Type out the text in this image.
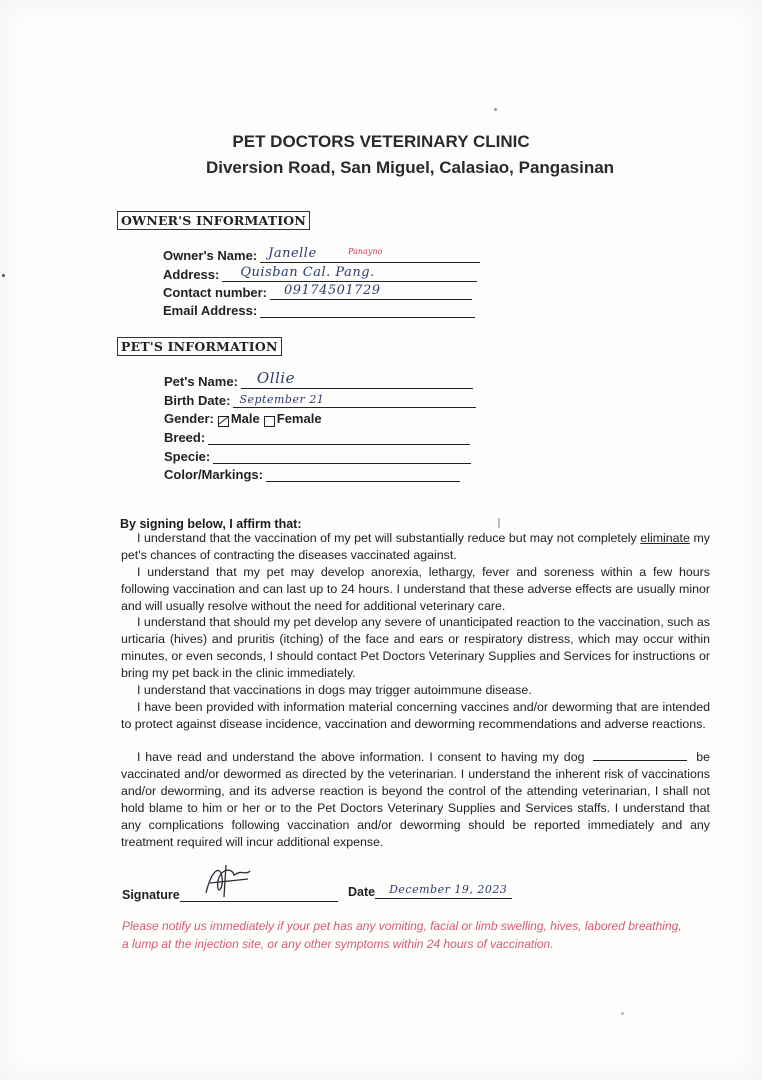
PET DOCTORS VETERINARY CLINIC
Diversion Road, San Miguel, Calasiao, Pangasinan
OWNER'S INFORMATION
Owner's Name: Janelle	Panayno
Address: Quisban Cal. Pang.
Contact number: 09174501729
Email Address:
PET'S INFORMATION
Pet's Name: Ollie
Birth Date: September 21
Gender: Male Female
Breed:
Specie:
Color/Markings:
By signing below, I affirm that:
I understand that the vaccination of my pet will substantially reduce but may not completely eliminate my pet's chances of contracting the diseases vaccinated against.
I understand that my pet may develop anorexia, lethargy, fever and soreness within a few hours following vaccination and can last up to 24 hours. I understand that these adverse effects are usually minor and will usually resolve without the need for additional veterinary care.
I understand that should my pet develop any severe of unanticipated reaction to the vaccination, such as urticaria (hives) and pruritis (itching) of the face and ears or respiratory distress, which may occur within minutes, or even seconds, I should contact Pet Doctors Veterinary Supplies and Services for instructions or bring my pet back in the clinic immediately.
I understand that vaccinations in dogs may trigger autoimmune disease.
I have been provided with information material concerning vaccines and/or deworming that are intended to protect against disease incidence, vaccination and deworming recommendations and adverse reactions.
I have read and understand the above information. I consent to having my dog	be vaccinated and/or dewormed as directed by the veterinarian. I understand the inherent risk of vaccinations and/or deworming, and its adverse reaction is beyond the control of the attending veterinarian, I shall not hold blame to him or her or to the Pet Doctors Veterinary Supplies and Services staffs. I understand that any complications following vaccination and/or deworming should be reported immediately and any treatment required will incur additional expense.
Signature	Date December 19, 2023
Please notify us immediately if your pet has any vomiting, facial or limb swelling, hives, labored breathing, a lump at the injection site, or any other symptoms within 24 hours of vaccination.
